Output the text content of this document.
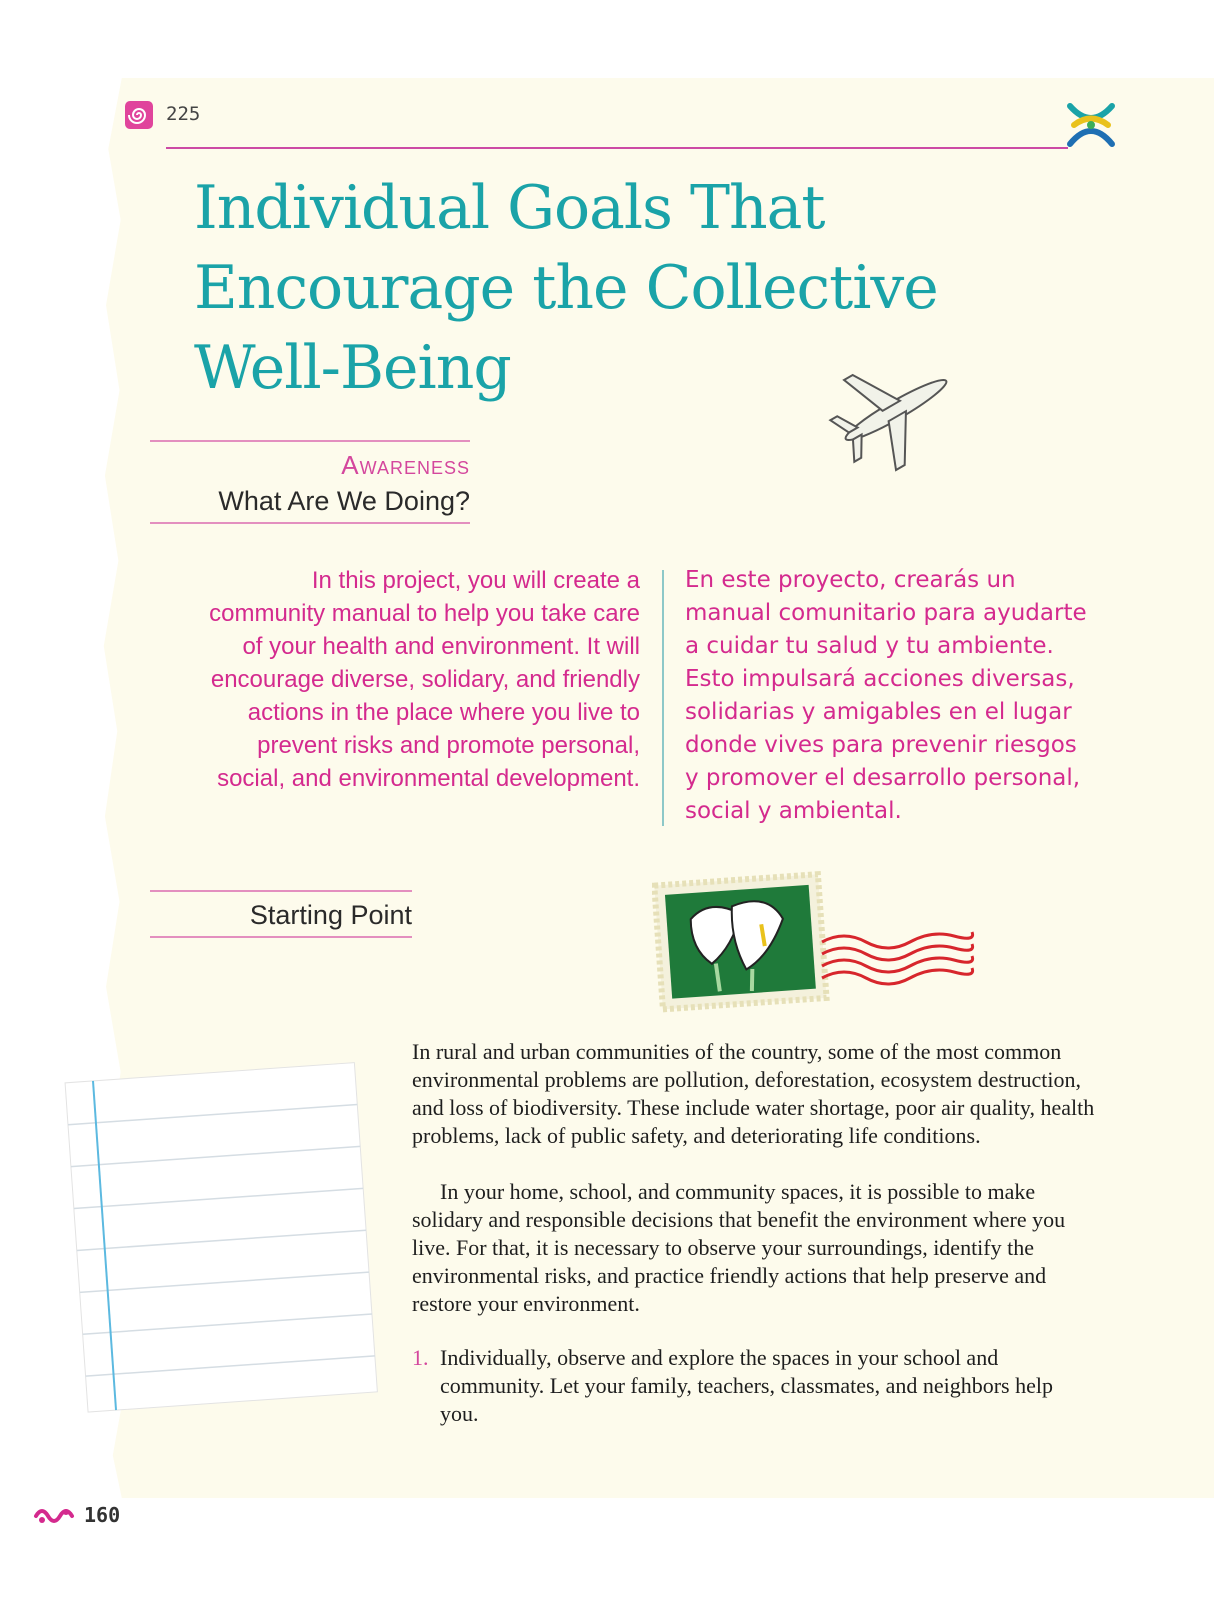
225
Individual Goals That
Encourage the Collective
Well-Being
Awareness
What Are We Doing?
In this project, you will create a community manual to help you take care of your health and environment. It will encourage diverse, solidary, and friendly actions in the place where you live to prevent risks and promote personal, social, and environmental development.
En este proyecto, crearás un manual comunitario para ayudarte a cuidar tu salud y tu ambiente. Esto impulsará acciones diversas, solidarias y amigables en el lugar donde vives para prevenir riesgos y promover el desarrollo personal, social y ambiental.
Starting Point
In rural and urban communities of the country, some of the most common environmental problems are pollution, deforestation, ecosystem destruction, and loss of biodiversity. These include water shortage, poor air quality, health problems, lack of public safety, and deteriorating life conditions.
In your home, school, and community spaces, it is possible to make solidary and responsible decisions that benefit the environment where you live. For that, it is necessary to observe your surroundings, identify the environmental risks, and practice friendly actions that help preserve and restore your environment.
1. Individually, observe and explore the spaces in your school and community. Let your family, teachers, classmates, and neighbors help you.
160
